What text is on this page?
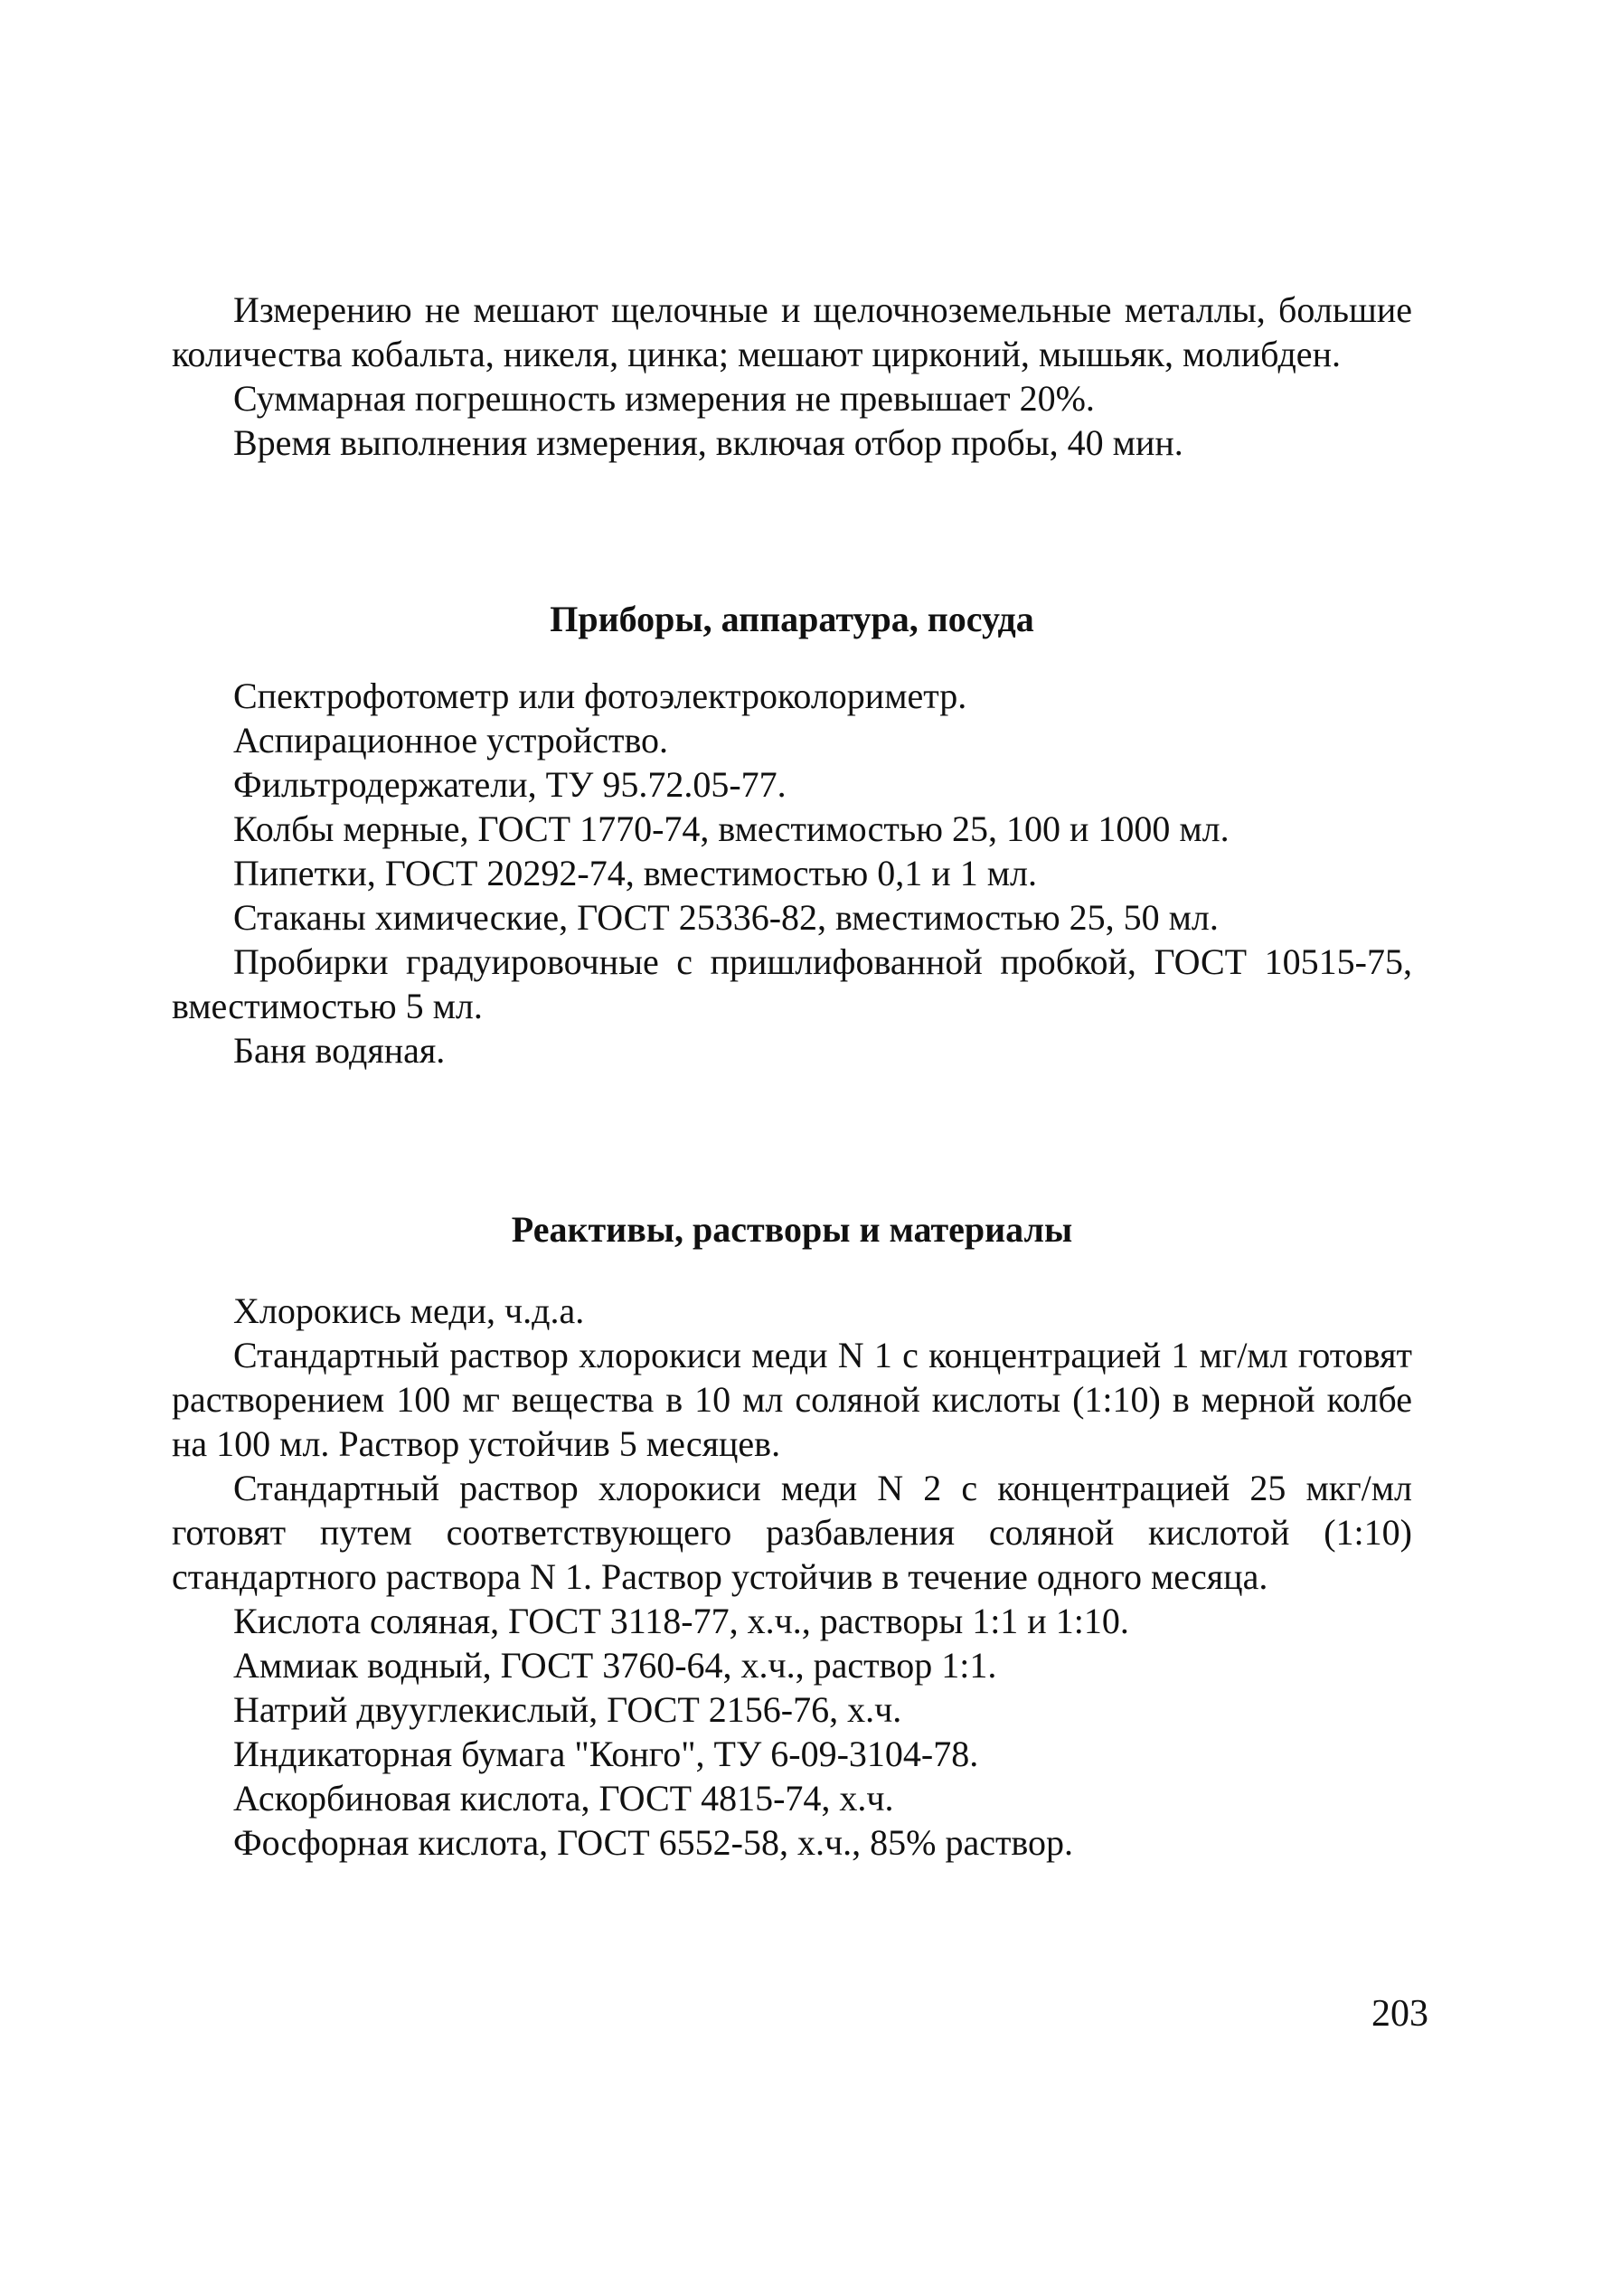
Измерению не мешают щелочные и щелочноземельные металлы, большие количества кобальта, никеля, цинка; мешают цирконий, мышьяк, молибден.

Суммарная погрешность измерения не превышает 20%.

Время выполнения измерения, включая отбор пробы, 40 мин.

Приборы, аппаратура, посуда

Спектрофотометр или фотоэлектроколориметр.

Аспирационное устройство.

Фильтродержатели, ТУ 95.72.05-77.

Колбы мерные, ГОСТ 1770-74, вместимостью 25, 100 и 1000 мл.

Пипетки, ГОСТ 20292-74, вместимостью 0,1 и 1 мл.

Стаканы химические, ГОСТ 25336-82, вместимостью 25, 50 мл.

Пробирки градуировочные с пришлифованной пробкой, ГОСТ 10515-75, вместимостью 5 мл.

Баня водяная.

Реактивы, растворы и материалы

Хлорокись меди, ч.д.а.

Стандартный раствор хлорокиси меди N 1 с концентрацией 1 мг/мл готовят растворением 100 мг вещества в 10 мл соляной кислоты (1:10) в мерной колбе на 100 мл. Раствор устойчив 5 месяцев.

Стандартный раствор хлорокиси меди N 2 с концентрацией 25 мкг/мл готовят путем соответствующего разбавления соляной кислотой (1:10) стандартного раствора N 1. Раствор устойчив в течение одного месяца.

Кислота соляная, ГОСТ 3118-77, х.ч., растворы 1:1 и 1:10.

Аммиак водный, ГОСТ 3760-64, х.ч., раствор 1:1.

Натрий двууглекислый, ГОСТ 2156-76, х.ч.

Индикаторная бумага "Конго", ТУ 6-09-3104-78.

Аскорбиновая кислота, ГОСТ 4815-74, х.ч.

Фосфорная кислота, ГОСТ 6552-58, х.ч., 85% раствор.

203
